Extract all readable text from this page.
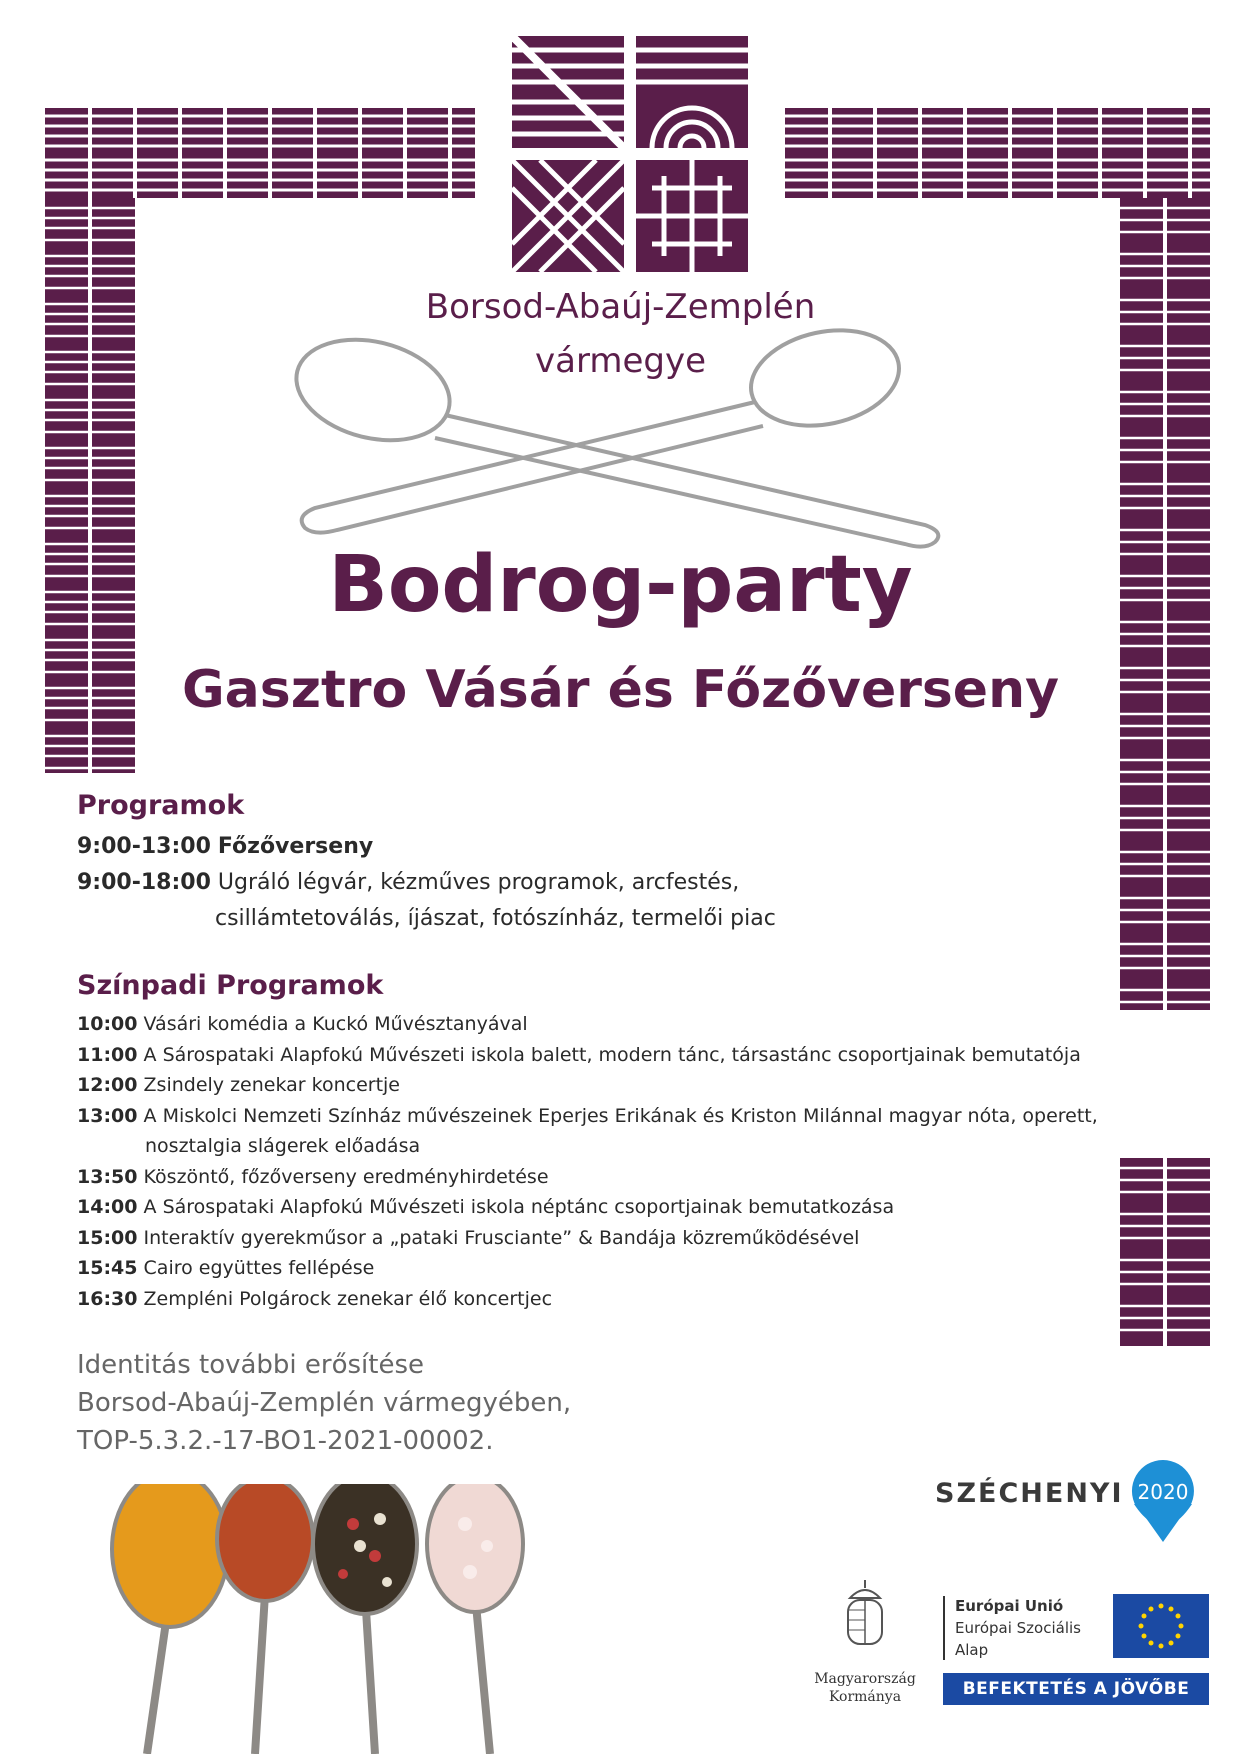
Borsod-Abaúj-Zemplén
vármegye
Bodrog-party
Gasztro Vásár és Főzőverseny
Programok
9:00-13:00 Főzőverseny
9:00-18:00 Ugráló légvár, kézműves programok, arcfestés,
csillámtetoválás, íjászat, fotószínház, termelői piac
Színpadi Programok
10:00 Vásári komédia a Kuckó Művésztanyával
11:00 A Sárospataki Alapfokú Művészeti iskola balett, modern tánc, társastánc csoportjainak bemutatója
12:00 Zsindely zenekar koncertje
13:00 A Miskolci Nemzeti Színház művészeinek Eperjes Erikának és Kriston Milánnal magyar nóta, operett,
nosztalgia slágerek előadása
13:50 Köszöntő, főzőverseny eredményhirdetése
14:00 A Sárospataki Alapfokú Művészeti iskola néptánc csoportjainak bemutatkozása
15:00 Interaktív gyerekműsor a „pataki Frusciante” & Bandája közreműködésével
15:45 Cairo együttes fellépése
16:30 Zempléni Polgárock zenekar élő koncertjec
Identitás további erősítése
Borsod-Abaúj-Zemplén vármegyében,
TOP-5.3.2.-17-BO1-2021-00002.
SZÉCHENYI 2020
Magyarország
Kormánya
Európai Unió
Európai Szociális
Alap
BEFEKTETÉS A JÖVŐBE
